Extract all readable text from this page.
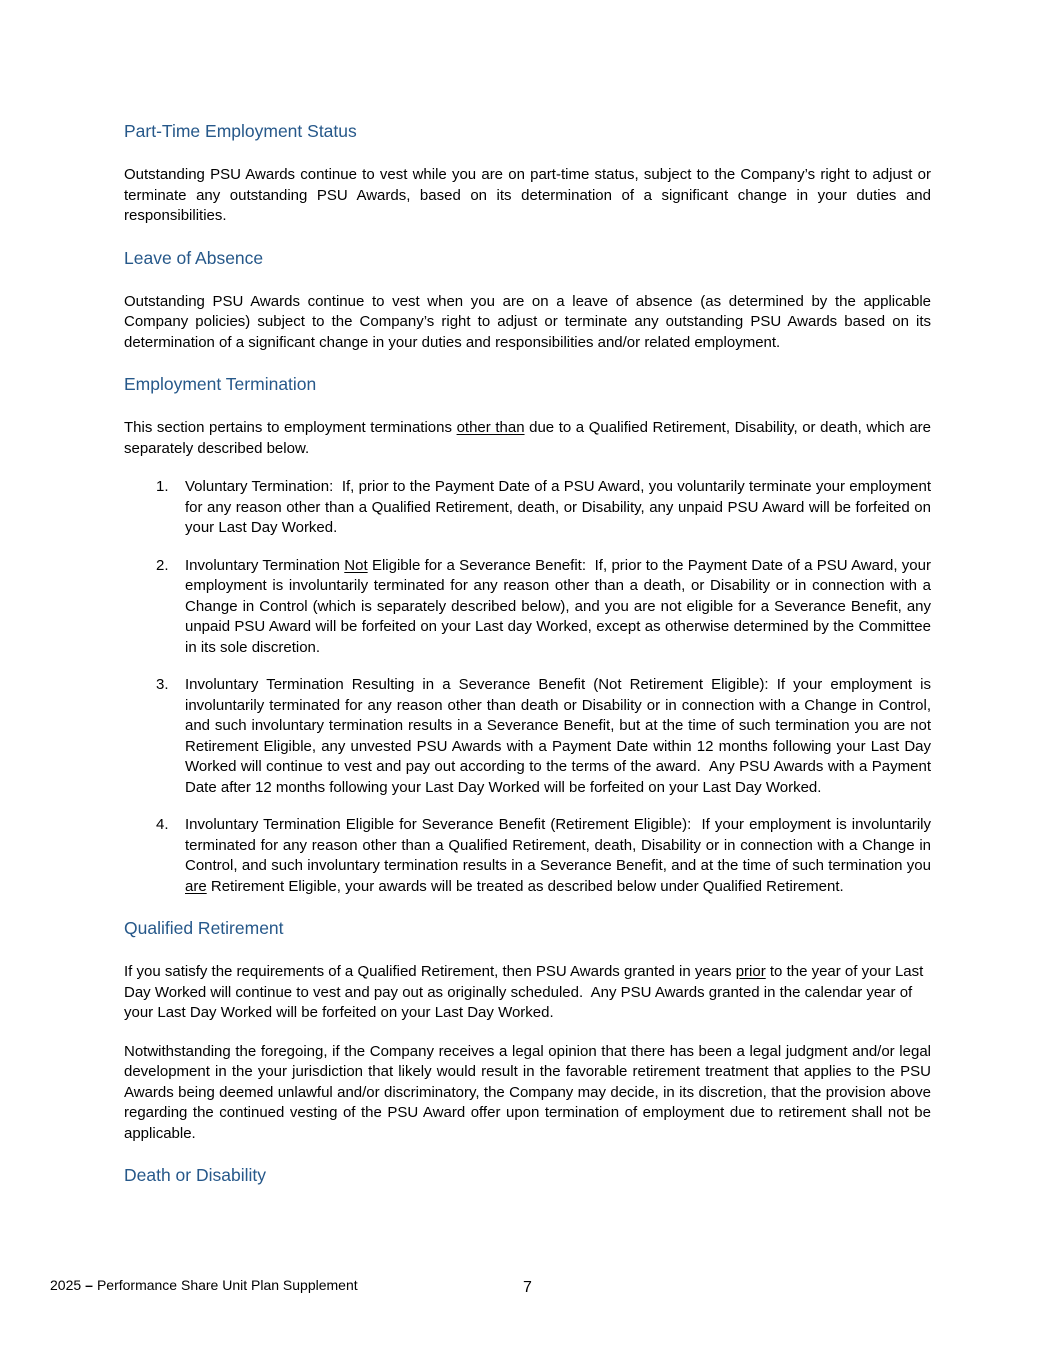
Part-Time Employment Status

Outstanding PSU Awards continue to vest while you are on part-time status, subject to the Company’s right to adjust or terminate any outstanding PSU Awards, based on its determination of a significant change in your duties and responsibilities.

Leave of Absence

Outstanding PSU Awards continue to vest when you are on a leave of absence (as determined by the applicable Company policies) subject to the Company’s right to adjust or terminate any outstanding PSU Awards based on its determination of a significant change in your duties and responsibilities and/or related employment.

Employment Termination

This section pertains to employment terminations other than due to a Qualified Retirement, Disability, or death, which are separately described below.

1.	Voluntary Termination:  If, prior to the Payment Date of a PSU Award, you voluntarily terminate your employment for any reason other than a Qualified Retirement, death, or Disability, any unpaid PSU Award will be forfeited on your Last Day Worked.
2.	Involuntary Termination Not Eligible for a Severance Benefit:  If, prior to the Payment Date of a PSU Award, your employment is involuntarily terminated for any reason other than a death, or Disability or in connection with a Change in Control (which is separately described below), and you are not eligible for a Severance Benefit, any unpaid PSU Award will be forfeited on your Last day Worked, except as otherwise determined by the Committee in its sole discretion.
3.	Involuntary Termination Resulting in a Severance Benefit (Not Retirement Eligible): If your employment is involuntarily terminated for any reason other than death or Disability or in connection with a Change in Control, and such involuntary termination results in a Severance Benefit, but at the time of such termination you are not Retirement Eligible, any unvested PSU Awards with a Payment Date within 12 months following your Last Day Worked will continue to vest and pay out according to the terms of the award.  Any PSU Awards with a Payment Date after 12 months following your Last Day Worked will be forfeited on your Last Day Worked.
4.	Involuntary Termination Eligible for Severance Benefit (Retirement Eligible):  If your employment is involuntarily terminated for any reason other than a Qualified Retirement, death, Disability or in connection with a Change in Control, and such involuntary termination results in a Severance Benefit, and at the time of such termination you are Retirement Eligible, your awards will be treated as described below under Qualified Retirement.
Qualified Retirement

If you satisfy the requirements of a Qualified Retirement, then PSU Awards granted in years prior to the year of your Last Day Worked will continue to vest and pay out as originally scheduled.  Any PSU Awards granted in the calendar year of your Last Day Worked will be forfeited on your Last Day Worked.

Notwithstanding the foregoing, if the Company receives a legal opinion that there has been a legal judgment and/or legal development in the your jurisdiction that likely would result in the favorable retirement treatment that applies to the PSU Awards being deemed unlawful and/or discriminatory, the Company may decide, in its discretion, that the provision above regarding the continued vesting of the PSU Award offer upon termination of employment due to retirement shall not be applicable.

Death or Disability
2025 – Performance Share Unit Plan Supplement	7
